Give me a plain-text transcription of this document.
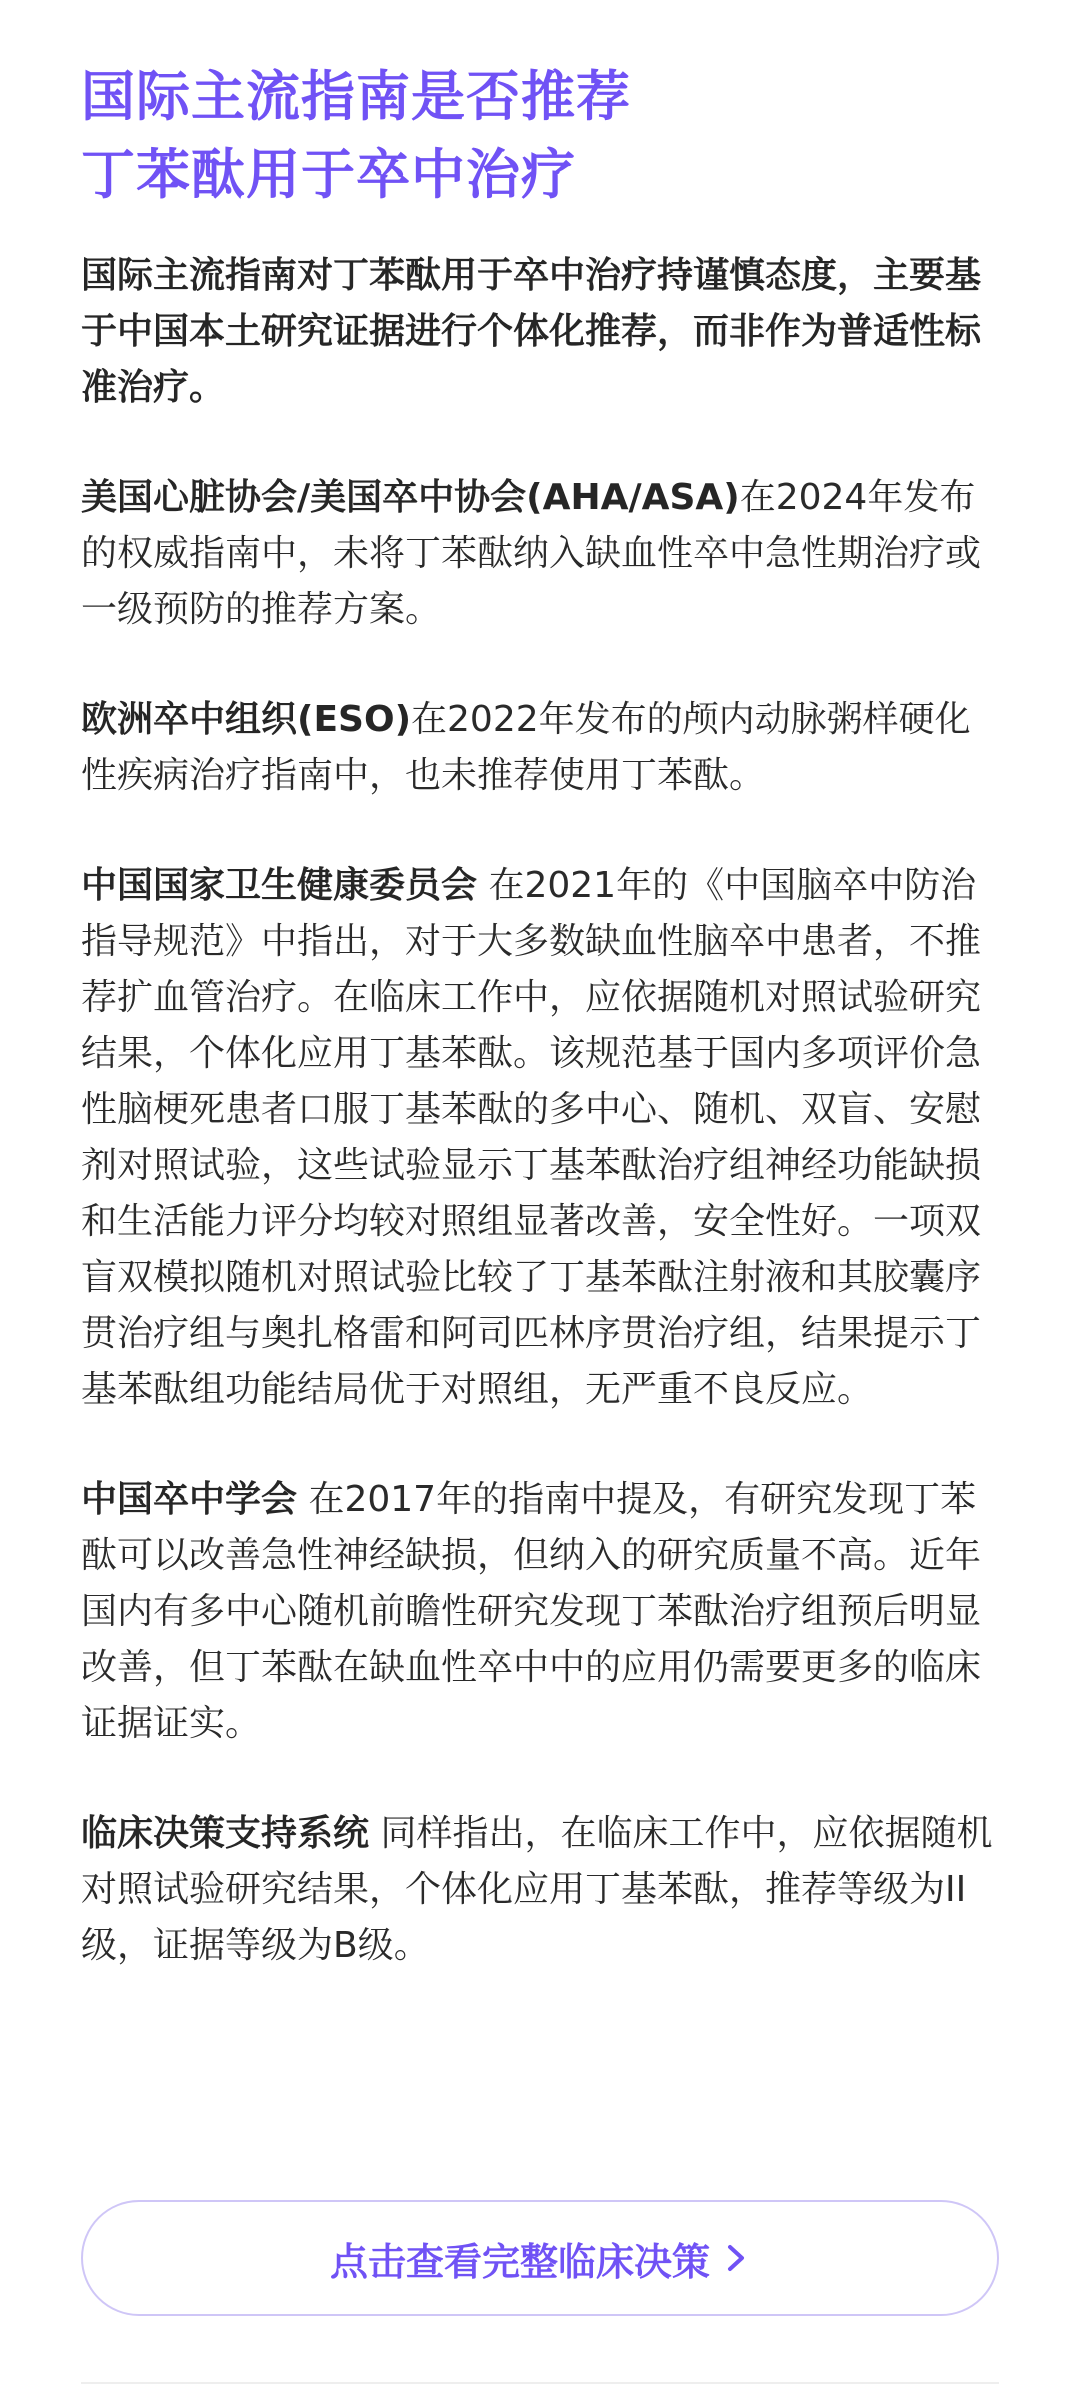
国际主流指南是否推荐
丁苯酞用于卒中治疗

国际主流指南对丁苯酞用于卒中治疗持谨慎态度，主要基于中国本土研究证据进行个体化推荐，而非作为普适性标准治疗。

美国心脏协会/美国卒中协会(AHA/ASA)在2024年发布的权威指南中，未将丁苯酞纳入缺血性卒中急性期治疗或一级预防的推荐方案。

欧洲卒中组织(ESO)在2022年发布的颅内动脉粥样硬化性疾病治疗指南中，也未推荐使用丁苯酞。

中国国家卫生健康委员会 在2021年的《中国脑卒中防治指导规范》中指出，对于大多数缺血性脑卒中患者，不推荐扩血管治疗。在临床工作中，应依据随机对照试验研究结果，个体化应用丁基苯酞。该规范基于国内多项评价急性脑梗死患者口服丁基苯酞的多中心、随机、双盲、安慰剂对照试验，这些试验显示丁基苯酞治疗组神经功能缺损和生活能力评分均较对照组显著改善，安全性好。一项双盲双模拟随机对照试验比较了丁基苯酞注射液和其胶囊序贯治疗组与奥扎格雷和阿司匹林序贯治疗组，结果提示丁基苯酞组功能结局优于对照组，无严重不良反应。

中国卒中学会 在2017年的指南中提及，有研究发现丁苯酞可以改善急性神经缺损，但纳入的研究质量不高。近年国内有多中心随机前瞻性研究发现丁苯酞治疗组预后明显改善，但丁苯酞在缺血性卒中中的应用仍需要更多的临床证据证实。

临床决策支持系统 同样指出，在临床工作中，应依据随机对照试验研究结果，个体化应用丁基苯酞，推荐等级为II级，证据等级为B级。

点击查看完整临床决策
